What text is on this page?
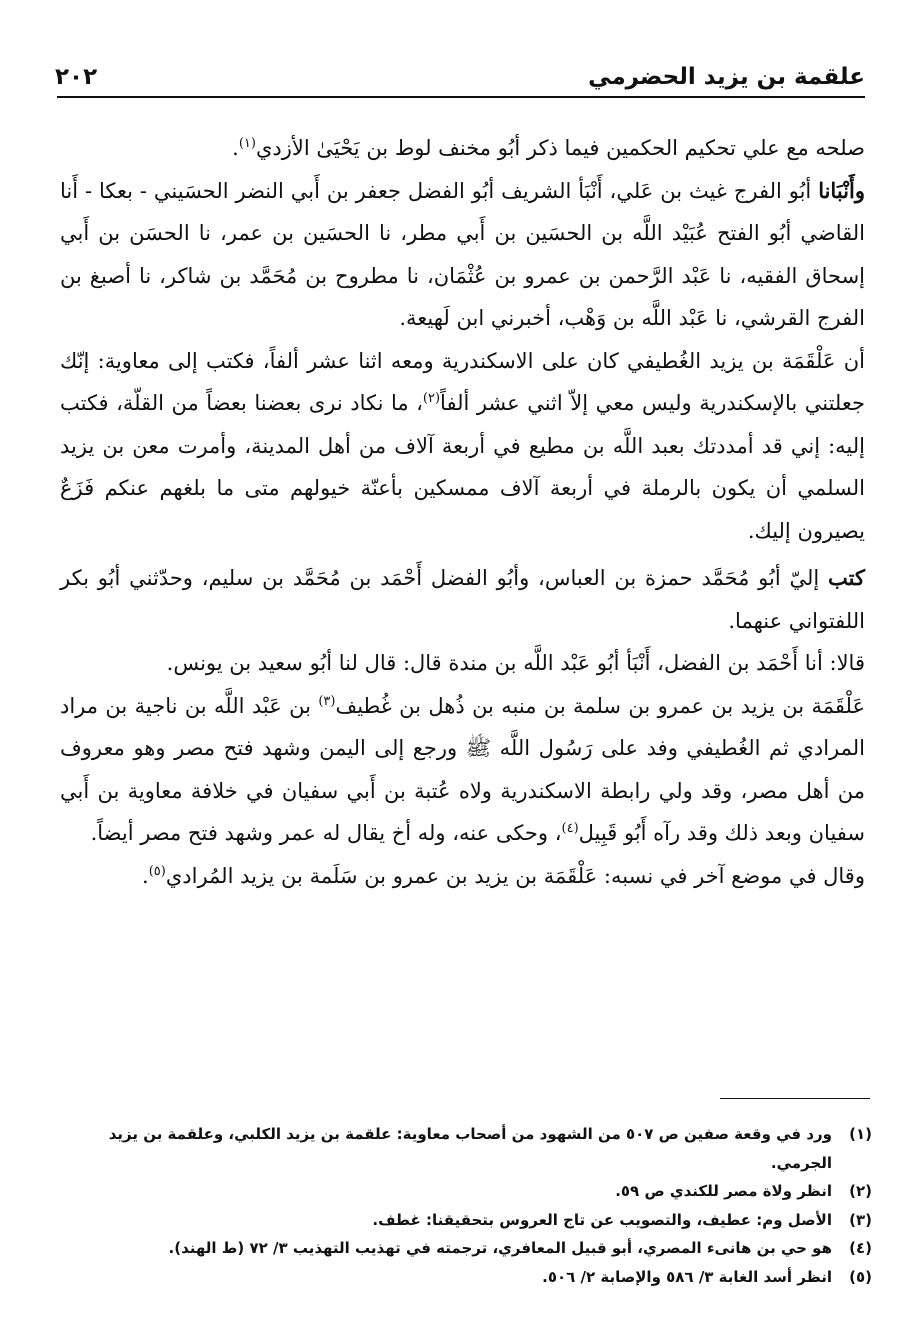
علقمة بن يزيد الحضرمي
٢٠٢

صلحه مع علي تحكيم الحكمين فيما ذكر أبُو مخنف لوط بن يَحْيَىٰ الأزدي$^{(١)}$.

وأَنْبَانا أبُو الفرج غيث بن عَلي، أَنْبَأ الشريف أبُو الفضل جعفر بن أَبي النضر الحسَيني - بعكا - أَنا القاضي أبُو الفتح عُبَيْد اللَّه بن الحسَين بن أَبي مطر، نا الحسَين بن عمر، نا الحسَن بن أَبي إسحاق الفقيه، نا عَبْد الرَّحمن بن عمرو بن عُثْمَان، نا مطروح بن مُحَمَّد بن شاكر، نا أصبغ بن الفرج القرشي، نا عَبْد اللَّه بن وَهْب، أخبرني ابن لَهيعة.

أن عَلْقَمَة بن يزيد الغُطيفي كان على الاسكندرية ومعه اثنا عشر ألفاً، فكتب إلى معاوية: إنّك جعلتني بالإسكندرية وليس معي إلاّ اثني عشر ألفاً$^{(٢)}$، ما نكاد نرى بعضنا بعضاً من القلّة، فكتب إليه: إني قد أمددتك بعبد اللَّه بن مطيع في أربعة آلاف من أهل المدينة، وأمرت معن بن يزيد السلمي أن يكون بالرملة في أربعة آلاف ممسكين بأعنّة خيولهم متى ما بلغهم عنكم فَزَعٌ يصيرون إليك.

كتب إليّ أبُو مُحَمَّد حمزة بن العباس، وأبُو الفضل أَحْمَد بن مُحَمَّد بن سليم، وحدّثني أبُو بكر اللفتواني عنهما.

قالا: أنا أَحْمَد بن الفضل، أَنْبَأ أبُو عَبْد اللَّه بن مندة قال: قال لنا أبُو سعيد بن يونس.

عَلْقَمَة بن يزيد بن عمرو بن سلمة بن منبه بن ذُهل بن غُطيف$^{(٣)}$ بن عَبْد اللَّه بن ناجية بن مراد المرادي ثم الغُطيفي وفد على رَسُول اللَّه ﷺ ورجع إلى اليمن وشهد فتح مصر وهو معروف من أهل مصر، وقد ولي رابطة الاسكندرية ولاه عُتبة بن أَبي سفيان في خلافة معاوية بن أَبي سفيان وبعد ذلك وقد رآه أَبُو قَبِيل$^{(٤)}$، وحكى عنه، وله أخ يقال له عمر وشهد فتح مصر أيضاً.

وقال في موضع آخر في نسبه: عَلْقَمَة بن يزيد بن عمرو بن سَلَمة بن يزيد المُرادي$^{(٥)}$.

(١)
ورد في وقعة صفين ص ٥٠٧ من الشهود من أصحاب معاوية: علقمة بن يزيد الكلبي، وعلقمة بن يزيد الجرمي.
(٢)
انظر ولاة مصر للكندي ص ٥٩.
(٣)
الأصل وم: عطيف، والتصويب عن تاج العروس بتحقيقنا: غطف.
(٤)
هو حي بن هانىء المصري، أبو قبيل المعافري، ترجمته في تهذيب التهذيب ٣/ ٧٢ (ط الهند).
(٥)
انظر أسد الغابة ٣/ ٥٨٦ والإصابة ٢/ ٥٠٦.
